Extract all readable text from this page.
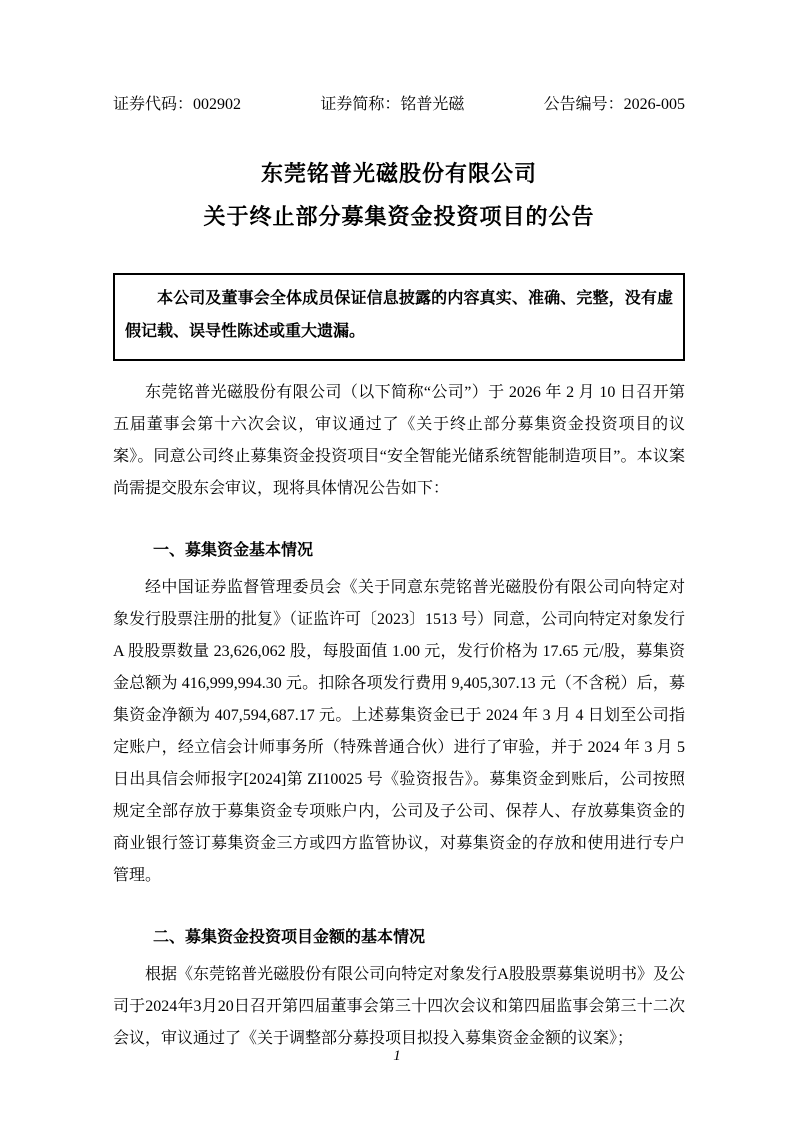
证券代码：002902	证券简称：铭普光磁	公告编号：2026-005
东莞铭普光磁股份有限公司
关于终止部分募集资金投资项目的公告

本公司及董事会全体成员保证信息披露的内容真实、准确、完整，没有虚假记载、误导性陈述或重大遗漏。

东莞铭普光磁股份有限公司（以下简称“公司”）于 2026 年 2 月 10 日召开第五届董事会第十六次会议，审议通过了《关于终止部分募集资金投资项目的议案》。同意公司终止募集资金投资项目“安全智能光储系统智能制造项目”。本议案尚需提交股东会审议，现将具体情况公告如下：

一、募集资金基本情况

经中国证券监督管理委员会《关于同意东莞铭普光磁股份有限公司向特定对象发行股票注册的批复》（证监许可〔2023〕1513 号）同意，公司向特定对象发行 A 股股票数量 23,626,062 股，每股面值 1.00 元，发行价格为 17.65 元/股，募集资金总额为 416,999,994.30 元。扣除各项发行费用 9,405,307.13 元（不含税）后，募集资金净额为 407,594,687.17 元。上述募集资金已于 2024 年 3 月 4 日划至公司指定账户，经立信会计师事务所（特殊普通合伙）进行了审验，并于 2024 年 3 月 5 日出具信会师报字[2024]第 ZI10025 号《验资报告》。募集资金到账后，公司按照规定全部存放于募集资金专项账户内，公司及子公司、保荐人、存放募集资金的商业银行签订募集资金三方或四方监管协议，对募集资金的存放和使用进行专户管理。

二、募集资金投资项目金额的基本情况

根据《东莞铭普光磁股份有限公司向特定对象发行A股股票募集说明书》及公司于2024年3月20日召开第四届董事会第三十四次会议和第四届监事会第三十二次会议，审议通过了《关于调整部分募投项目拟投入募集资金金额的议案》；

1
